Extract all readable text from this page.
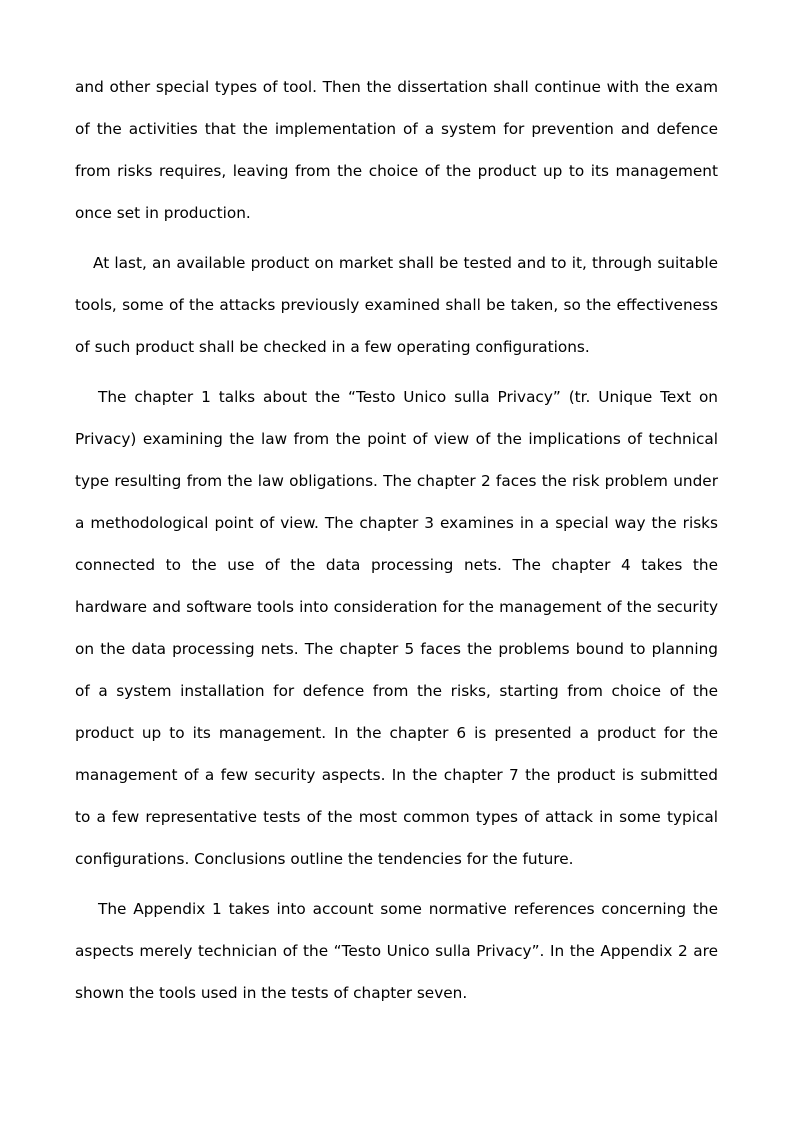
and other special types of tool. Then the dissertation shall continue with the exam of the activities that the implementation of a system for prevention and defence from risks requires, leaving from the choice of the product up to its management once set in production.

At last, an available product on market shall be tested and to it, through suitable tools, some of the attacks previously examined shall be taken, so the effectiveness of such product shall be checked in a few operating configurations.

The chapter 1 talks about the “Testo Unico sulla Privacy” (tr. Unique Text on Privacy) examining the law from the point of view of the implications of technical type resulting from the law obligations. The chapter 2 faces the risk problem under a methodological point of view. The chapter 3 examines in a special way the risks connected to the use of the data processing nets. The chapter 4 takes the hardware and software tools into consideration for the management of the security on the data processing nets. The chapter 5 faces the problems bound to planning of a system installation for defence from the risks, starting from choice of the product up to its management. In the chapter 6 is presented a product for the management of a few security aspects. In the chapter 7 the product is submitted to a few representative tests of the most common types of attack in some typical configurations. Conclusions outline the tendencies for the future.

The Appendix 1 takes into account some normative references concerning the aspects merely technician of the “Testo Unico sulla Privacy”. In the Appendix 2 are shown the tools used in the tests of chapter seven.
